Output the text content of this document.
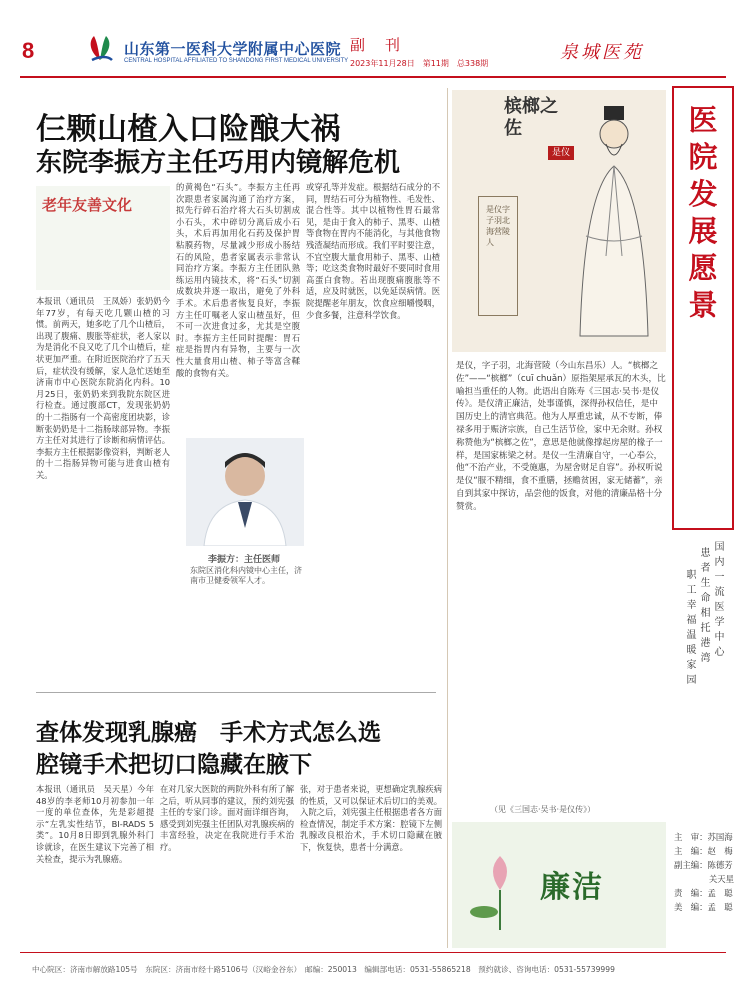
8	山东第一医科大学附属中心医院
CENTRAL HOSPITAL AFFILIATED TO SHANDONG FIRST MEDICAL UNIVERSITY
副刊
2023年11月28日　第11期　总338期
泉城医苑
仨颗山楂入口险酿大祸
东院李振方主任巧用内镜解危机
老年友善文化
本报讯（通讯员　王凤娇）张奶奶今年77岁，有每天吃几颗山楂的习惯。前两天，她多吃了几个山楂后，出现了腹痛、腹胀等症状，老人家以为是消化不良又吃了几个山楂后，症状更加严重。在附近医院治疗了五天后，症状没有缓解，家人急忙送她至济南市中心医院东院消化内科。10月25日，张奶奶来到我院东院区进行检查。通过腹部CT，发现张奶奶的十二指肠有一个高密度团块影，诊断张奶奶是十二指肠球部异物。李振方主任对其进行了诊断和病情评估。李振方主任根据影像资料，判断老人的十二指肠异物可能与进食山楂有关。
的黄褐色“石头”。李振方主任再次跟患者家属沟通了治疗方案，拟先行碎石治疗将大石头切割成小石头，术中碎切分离后成小石头，术后再加用化石药及保护胃粘膜药物，尽量减少形成小肠结石的风险，患者家属表示非常认同治疗方案。李振方主任团队熟练运用内镜技术，将“石头”切割成数块并逐一取出，避免了外科手术。术后患者恢复良好，李振方主任叮嘱老人家山楂虽好，但不可一次进食过多，尤其是空腹时。李振方主任同时提醒：胃石症是指胃内有异物，主要与一次性大量食用山楂、柿子等富含鞣酸的食物有关。
或穿孔等并发症。根据结石成分的不同，胃结石可分为植物性、毛发性、混合性等。其中以植物性胃石最常见，是由于食入的柿子、黑枣、山楂等食物在胃内不能消化，与其他食物残渣凝结而形成。我们平时要注意，不宜空腹大量食用柿子、黑枣、山楂等；吃这类食物时最好不要同时食用高蛋白食物。若出现腹痛腹胀等不适，应及时就医，以免延误病情。医院提醒老年朋友，饮食应细嚼慢咽，少食多餐，注意科学饮食。
李振方：主任医师
东院区消化科内镜中心主任，济南市卫健委领军人才。
查体发现乳腺癌　手术方式怎么选
腔镜手术把切口隐藏在腋下
本报讯（通讯员　吴天星）今年48岁的李老师10月初参加一年一度的单位查体，先是彩超提示“左乳实性结节，BI-RADS 5类”。10月8日即到乳腺外科门诊就诊，在医生建议下完善了相关检查，提示为乳腺癌。
在对几家大医院的两院外科有所了解之后，听从同事的建议，预约刘宪强主任的专家门诊。面对面详细咨询，感受到刘宪强主任团队对乳腺疾病的丰富经验，决定在我院进行手术治疗。
张，对于患者来说，更想确定乳腺疾病的性质，又可以保证术后切口的美观。入院之后，刘宪强主任根据患者各方面检查情况，制定手术方案：腔镜下左侧乳腺改良根治术，手术切口隐藏在腋下，恢复快，患者十分满意。
槟榔之佐
是仪
是仪字子羽北海营陵人
是仪，字子羽，北海营陵（今山东昌乐）人。“槟榔之佐”——“槟榔”（cuī chuǎn）原指架屋承瓦的木头，比喻担当重任的人物。此语出自陈寿《三国志·吴书·是仪传》。是仪清正廉洁，处事谨慎，深得孙权信任，是中国历史上的清官典范。他为人厚重忠诚，从不专断，俸禄多用于赈济宗族，自己生活节俭，家中无余财。孙权称赞他为“槟榔之佐”，意思是他就像撑起房屋的椽子一样，是国家栋梁之材。是仪一生清廉自守，一心奉公，他“不治产业，不受施惠，为屋舍财足自容”。孙权听说是仪“服不精细，食不重膳，拯赡贫困，家无储蓄”，亲自到其家中探访，品尝他的饭食，对他的清廉品格十分赞赏。
（见《三国志·吴书·是仪传》）
廉洁
医院发展愿景
国内一流医学中心
患者生命相托港湾
职工幸福温暖家园
主　审：苏国海
主　编：赵　梅
副主编：陈德芳
关天星
责　编：孟　聪
美　编：孟　聪
中心院区：济南市解放路105号　东院区：济南市经十路5106号（汉峪金谷东）　邮编：250013　编辑部电话：0531-55865218　预约就诊、咨询电话：0531-55739999
